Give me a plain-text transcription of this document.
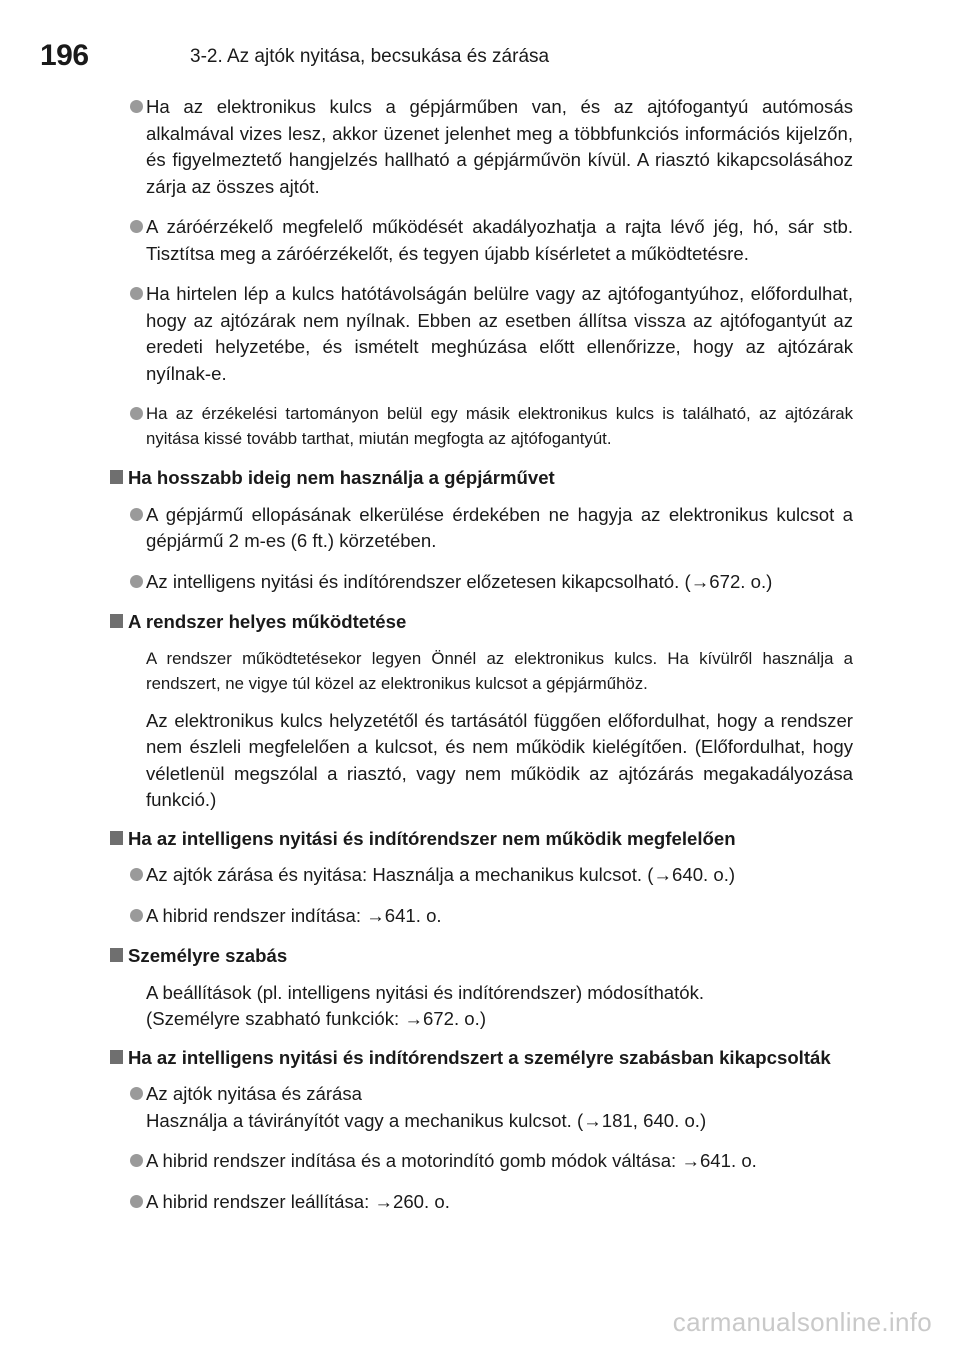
196	3-2. Az ajtók nyitása, becsukása és zárása
Ha az elektronikus kulcs a gépjárműben van, és az ajtófogantyú autómosás alkalmával vizes lesz, akkor üzenet jelenhet meg a többfunkciós információs kijelzőn, és figyelmeztető hangjelzés hallható a gépjárművön kívül. A riasztó kikapcsolásához zárja az összes ajtót.
A záróérzékelő megfelelő működését akadályozhatja a rajta lévő jég, hó, sár stb. Tisztítsa meg a záróérzékelőt, és tegyen újabb kísérletet a működtetésre.
Ha hirtelen lép a kulcs hatótávolságán belülre vagy az ajtófogantyúhoz, előfordulhat, hogy az ajtózárak nem nyílnak. Ebben az esetben állítsa vissza az ajtófogantyút az eredeti helyzetébe, és ismételt meghúzása előtt ellenőrizze, hogy az ajtózárak nyílnak-e.
Ha az érzékelési tartományon belül egy másik elektronikus kulcs is található, az ajtózárak nyitása kissé tovább tarthat, miután megfogta az ajtófogantyút.
Ha hosszabb ideig nem használja a gépjárművet
A gépjármű ellopásának elkerülése érdekében ne hagyja az elektronikus kulcsot a gépjármű 2 m-es (6 ft.) körzetében.
Az intelligens nyitási és indítórendszer előzetesen kikapcsolható. (→672. o.)
A rendszer helyes működtetése
A rendszer működtetésekor legyen Önnél az elektronikus kulcs. Ha kívülről használja a rendszert, ne vigye túl közel az elektronikus kulcsot a gépjárműhöz.
Az elektronikus kulcs helyzetétől és tartásától függően előfordulhat, hogy a rendszer nem észleli megfelelően a kulcsot, és nem működik kielégítően. (Előfordulhat, hogy véletlenül megszólal a riasztó, vagy nem működik az ajtózárás megakadályozása funkció.)
Ha az intelligens nyitási és indítórendszer nem működik megfelelően
Az ajtók zárása és nyitása: Használja a mechanikus kulcsot. (→640. o.)
A hibrid rendszer indítása: →641. o.
Személyre szabás
A beállítások (pl. intelligens nyitási és indítórendszer) módosíthatók.
(Személyre szabható funkciók: →672. o.)
Ha az intelligens nyitási és indítórendszert a személyre szabásban kikapcsolták
Az ajtók nyitása és zárása
Használja a távirányítót vagy a mechanikus kulcsot. (→181, 640. o.)
A hibrid rendszer indítása és a motorindító gomb módok váltása: →641. o.
A hibrid rendszer leállítása: →260. o.
carmanualsonline.info
